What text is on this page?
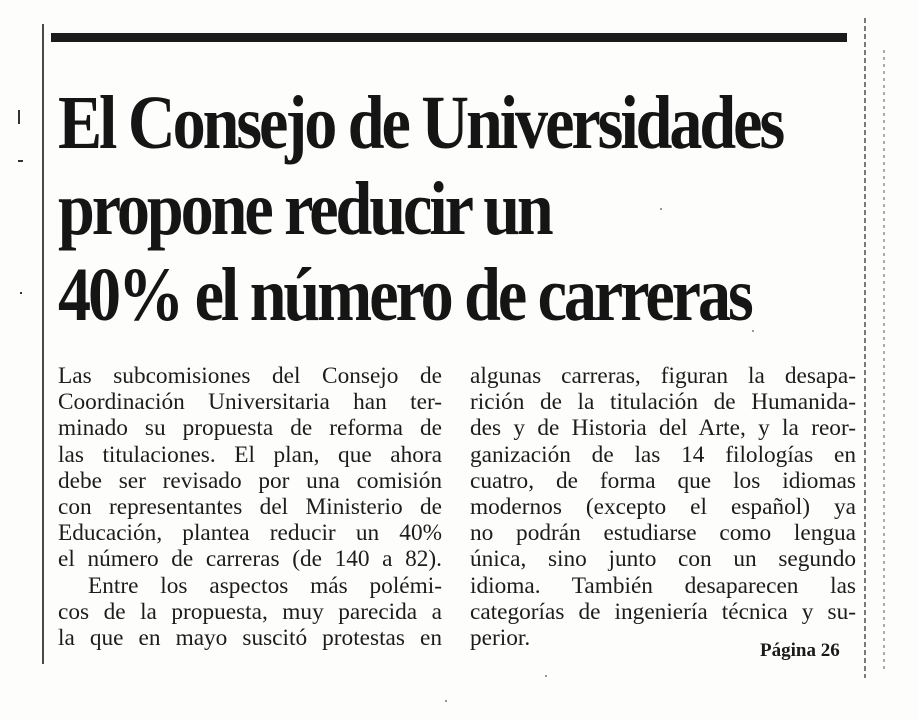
El Consejo de Universidades
propone reducir un
40% el número de carreras
Las subcomisiones del Consejo de
Coordinación Universitaria han ter-
minado su propuesta de reforma de
las titulaciones. El plan, que ahora
debe ser revisado por una comisión
con representantes del Ministerio de
Educación, plantea reducir un 40%
el número de carreras (de 140 a 82).
Entre los aspectos más polémi-
cos de la propuesta, muy parecida a
la que en mayo suscitó protestas en
algunas carreras, figuran la desapa-
rición de la titulación de Humanida-
des y de Historia del Arte, y la reor-
ganización de las 14 filologías en
cuatro, de forma que los idiomas
modernos (excepto el español) ya
no podrán estudiarse como lengua
única, sino junto con un segundo
idioma. También desaparecen las
categorías de ingeniería técnica y su-
perior.	Página 26
